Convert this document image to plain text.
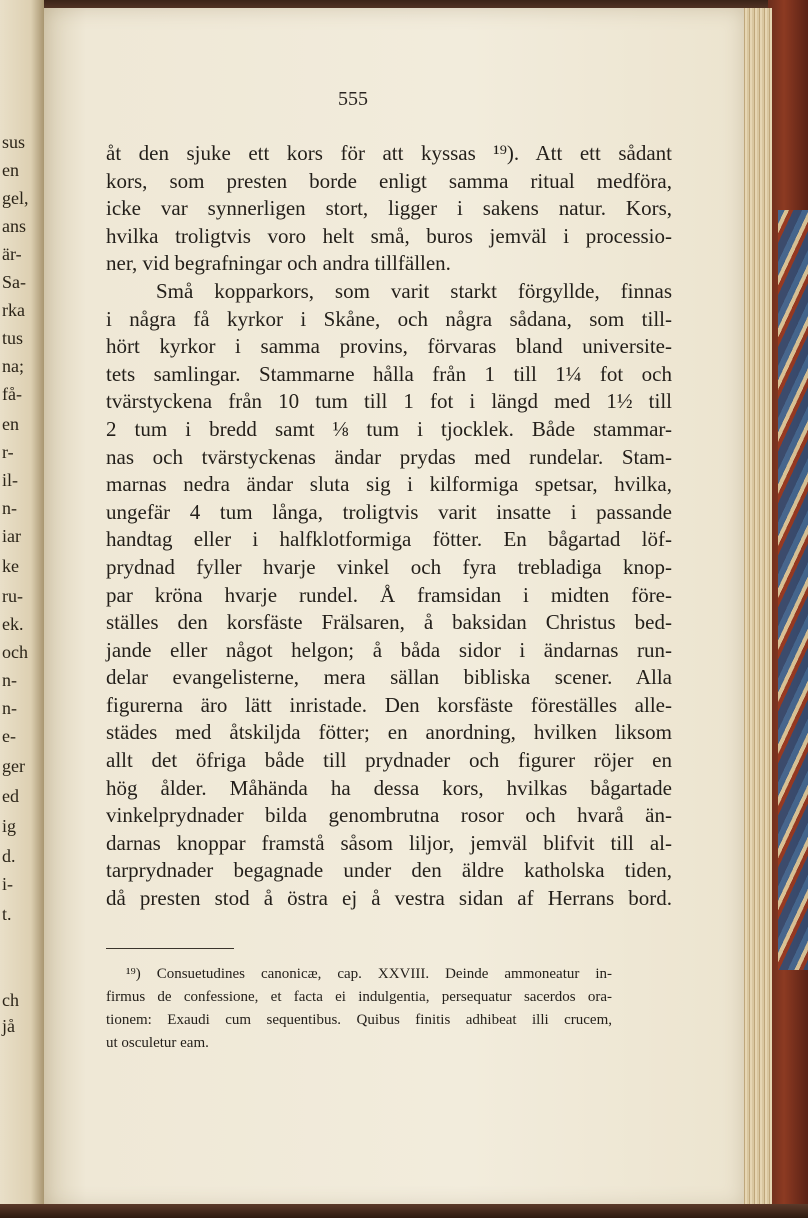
sus
en
gel,
ans
är-
Sa-
rka
tus
na;
få-
en
r-
il-
n-
iar
ke
ru-
ek.
och
n-
n-
e-
ger
ed
ig
d.
i-
t.
ch
jå
555
åt den sjuke ett kors för att kyssas ¹⁹). Att ett sådant
kors, som presten borde enligt samma ritual medföra,
icke var synnerligen stort, ligger i sakens natur. Kors,
hvilka troligtvis voro helt små, buros jemväl i processio-
ner, vid begrafningar och andra tillfällen.
Små kopparkors, som varit starkt förgyllde, finnas
i några få kyrkor i Skåne, och några sådana, som till-
hört kyrkor i samma provins, förvaras bland universite-
tets samlingar. Stammarne hålla från 1 till 1¼ fot och
tvärstyckena från 10 tum till 1 fot i längd med 1½ till
2 tum i bredd samt ⅛ tum i tjocklek. Både stammar-
nas och tvärstyckenas ändar prydas med rundelar. Stam-
marnas nedra ändar sluta sig i kilformiga spetsar, hvilka,
ungefär 4 tum långa, troligtvis varit insatte i passande
handtag eller i halfklotformiga fötter. En bågartad löf-
prydnad fyller hvarje vinkel och fyra trebladiga knop-
par kröna hvarje rundel. Å framsidan i midten före-
ställes den korsfäste Frälsaren, å baksidan Christus bed-
jande eller något helgon; å båda sidor i ändarnas run-
delar evangelisterne, mera sällan bibliska scener. Alla
figurerna äro lätt inristade. Den korsfäste föreställes alle-
städes med åtskiljda fötter; en anordning, hvilken liksom
allt det öfriga både till prydnader och figurer röjer en
hög ålder. Måhända ha dessa kors, hvilkas bågartade
vinkelprydnader bilda genombrutna rosor och hvarå än-
darnas knoppar framstå såsom liljor, jemväl blifvit till al-
tarprydnader begagnade under den äldre katholska tiden,
då presten stod å östra ej å vestra sidan af Herrans bord.
¹⁹) Consuetudines canonicæ, cap. XXVIII. Deinde ammoneatur in-
firmus de confessione, et facta ei indulgentia, persequatur sacerdos ora-
tionem: Exaudi cum sequentibus. Quibus finitis adhibeat illi crucem,
ut osculetur eam.
